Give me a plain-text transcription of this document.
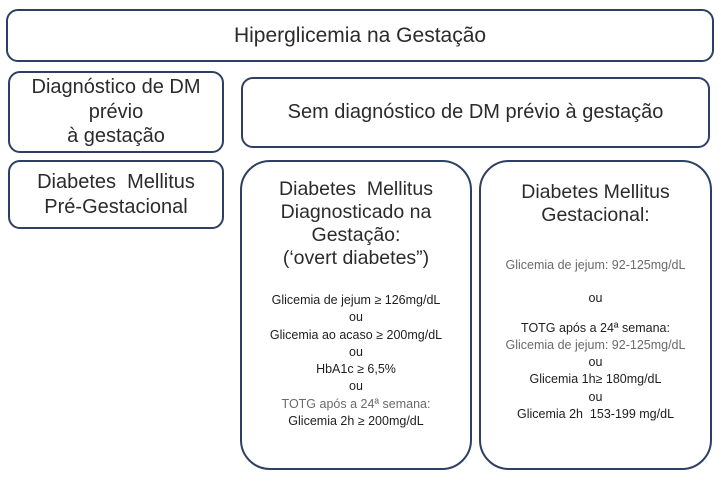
Hiperglicemia na Gestação
Diagnóstico de DM
prévio
à gestação
Sem diagnóstico de DM prévio à gestação
Diabetes  Mellitus
Pré-Gestacional
Diabetes  Mellitus
Diagnosticado na
Gestação:
(‘overt diabetes”)
Glicemia de jejum ≥ 126mg/dL
ou
Glicemia ao acaso ≥ 200mg/dL
ou
HbA1c ≥ 6,5%
ou
TOTG após a 24ª semana:
Glicemia 2h ≥ 200mg/dL
Diabetes Mellitus
Gestacional:
Glicemia de jejum: 92-125mg/dL
ou
TOTG após a 24ª semana:
Glicemia de jejum: 92-125mg/dL
ou
Glicemia 1h≥ 180mg/dL
ou
Glicemia 2h  153-199 mg/dL
